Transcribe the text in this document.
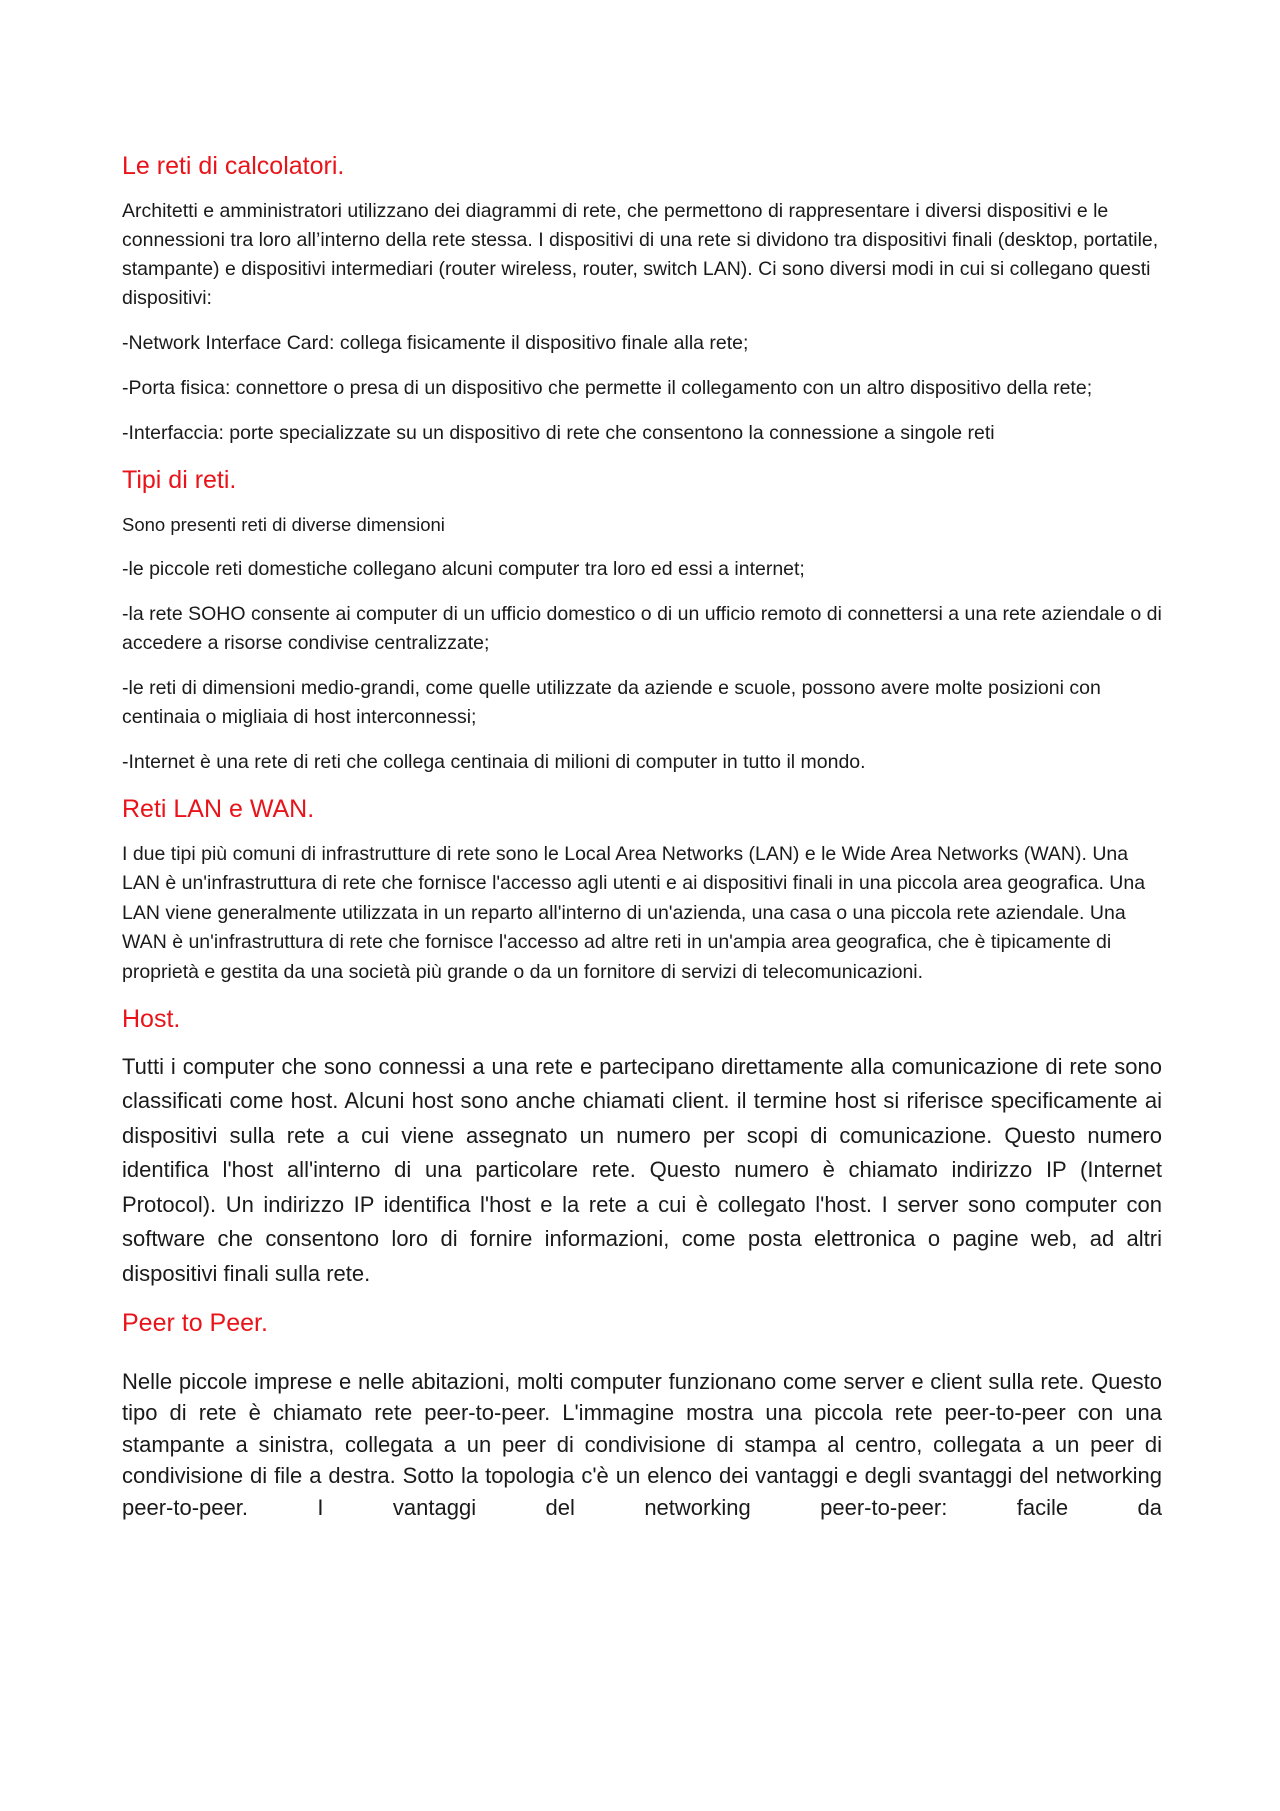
Le reti di calcolatori.

Architetti e amministratori utilizzano dei diagrammi di rete, che permettono di rappresentare i diversi dispositivi e le connessioni tra loro all’interno della rete stessa. I dispositivi di una rete si dividono tra dispositivi finali (desktop, portatile, stampante) e dispositivi intermediari (router wireless, router, switch LAN). Ci sono diversi modi in cui si collegano questi dispositivi:

-Network Interface Card: collega fisicamente il dispositivo finale alla rete;

-Porta fisica: connettore o presa di un dispositivo che permette il collegamento con un altro dispositivo della rete;

-Interfaccia: porte specializzate su un dispositivo di rete che consentono la connessione a singole reti

Tipi di reti.

Sono presenti reti di diverse dimensioni

-le piccole reti domestiche collegano alcuni computer tra loro ed essi a internet;

-la rete SOHO consente ai computer di un ufficio domestico o di un ufficio remoto di connettersi a una rete aziendale o di accedere a risorse condivise centralizzate;

-le reti di dimensioni medio-grandi, come quelle utilizzate da aziende e scuole, possono avere molte posizioni con centinaia o migliaia di host interconnessi;

-Internet è una rete di reti che collega centinaia di milioni di computer in tutto il mondo.

Reti LAN e WAN.

I due tipi più comuni di infrastrutture di rete sono le Local Area Networks (LAN) e le Wide Area Networks (WAN). Una LAN è un'infrastruttura di rete che fornisce l'accesso agli utenti e ai dispositivi finali in una piccola area geografica. Una LAN viene generalmente utilizzata in un reparto all'interno di un'azienda, una casa o una piccola rete aziendale. Una WAN è un'infrastruttura di rete che fornisce l'accesso ad altre reti in un'ampia area geografica, che è tipicamente di proprietà e gestita da una società più grande o da un fornitore di servizi di telecomunicazioni.

Host.

Tutti i computer che sono connessi a una rete e partecipano direttamente alla comunicazione di rete sono classificati come host. Alcuni host sono anche chiamati client. il termine host si riferisce specificamente ai dispositivi sulla rete a cui viene assegnato un numero per scopi di comunicazione. Questo numero identifica l'host all'interno di una particolare rete. Questo numero è chiamato indirizzo IP (Internet Protocol). Un indirizzo IP identifica l'host e la rete a cui è collegato l'host. I server sono computer con software che consentono loro di fornire informazioni, come posta elettronica o pagine web, ad altri dispositivi finali sulla rete.

Peer to Peer.

Nelle piccole imprese e nelle abitazioni, molti computer funzionano come server e client sulla rete. Questo tipo di rete è chiamato rete peer-to-peer. L'immagine mostra una piccola rete peer-to-peer con una stampante a sinistra, collegata a un peer di condivisione di stampa al centro, collegata a un peer di condivisione di file a destra. Sotto la topologia c'è un elenco dei vantaggi e degli svantaggi del networking peer-to-peer. I vantaggi del networking peer-to-peer: facile da
